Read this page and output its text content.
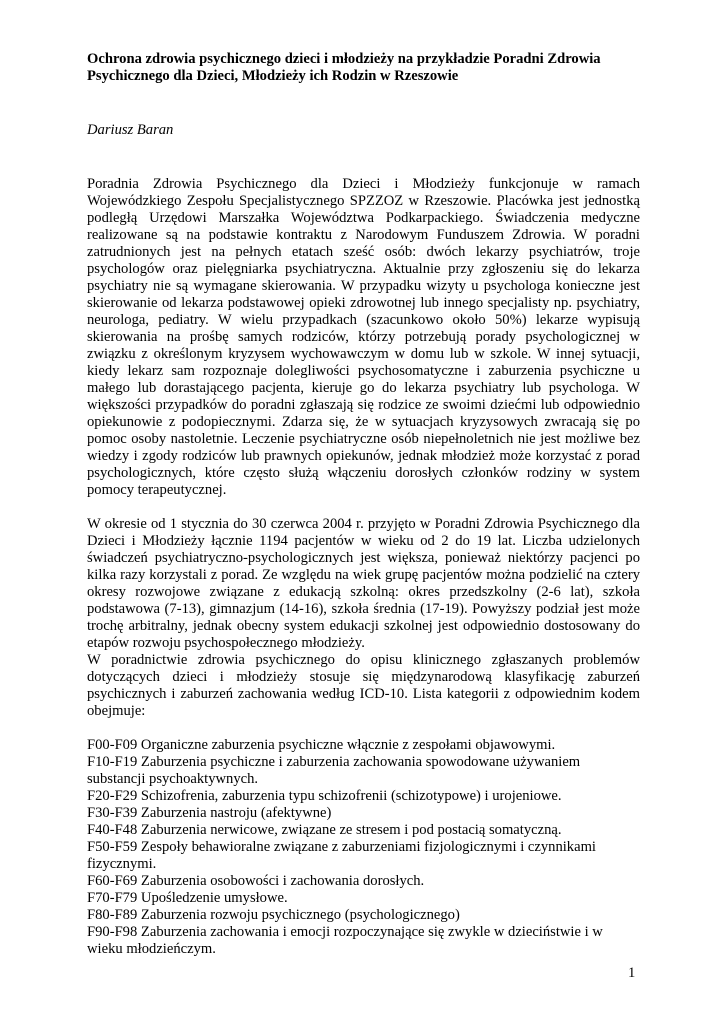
Ochrona zdrowia psychicznego dzieci i młodzieży na przykładzie Poradni Zdrowia Psychicznego dla Dzieci, Młodzieży ich Rodzin w Rzeszowie

Dariusz Baran

Poradnia Zdrowia Psychicznego dla Dzieci i Młodzieży funkcjonuje w ramach Wojewódzkiego Zespołu Specjalistycznego SPZZOZ w Rzeszowie. Placówka jest jednostką podległą Urzędowi Marszałka Województwa Podkarpackiego. Świadczenia medyczne realizowane są na podstawie kontraktu z Narodowym Funduszem Zdrowia. W poradni zatrudnionych jest na pełnych etatach sześć osób: dwóch lekarzy psychiatrów, troje psychologów oraz pielęgniarka psychiatryczna. Aktualnie przy zgłoszeniu się do lekarza psychiatry nie są wymagane skierowania. W przypadku wizyty u psychologa konieczne jest skierowanie od lekarza podstawowej opieki zdrowotnej lub innego specjalisty np. psychiatry, neurologa, pediatry. W wielu przypadkach (szacunkowo około 50%) lekarze wypisują skierowania na prośbę samych rodziców, którzy potrzebują porady psychologicznej w związku z określonym kryzysem wychowawczym w domu lub w szkole. W innej sytuacji, kiedy lekarz sam rozpoznaje dolegliwości psychosomatyczne i zaburzenia psychiczne u małego lub dorastającego pacjenta, kieruje go do lekarza psychiatry lub psychologa. W większości przypadków do poradni zgłaszają się rodzice ze swoimi dziećmi lub odpowiednio opiekunowie z podopiecznymi. Zdarza się, że w sytuacjach kryzysowych zwracają się po pomoc osoby nastoletnie. Leczenie psychiatryczne osób niepełnoletnich nie jest możliwe bez wiedzy i zgody rodziców lub prawnych opiekunów, jednak młodzież może korzystać z porad psychologicznych, które często służą włączeniu dorosłych członków rodziny w system pomocy terapeutycznej.

W okresie od 1 stycznia do 30 czerwca 2004 r. przyjęto w Poradni Zdrowia Psychicznego dla Dzieci i Młodzieży łącznie 1194 pacjentów w wieku od 2 do 19 lat. Liczba udzielonych świadczeń psychiatryczno-psychologicznych jest większa, ponieważ niektórzy pacjenci po kilka razy korzystali z porad. Ze względu na wiek grupę pacjentów można podzielić na cztery okresy rozwojowe związane z edukacją szkolną: okres przedszkolny (2-6 lat), szkoła podstawowa (7-13), gimnazjum (14-16), szkoła średnia (17-19). Powyższy podział jest może trochę arbitralny, jednak obecny system edukacji szkolnej jest odpowiednio dostosowany do etapów rozwoju psychospołecznego młodzieży.

W poradnictwie zdrowia psychicznego do opisu klinicznego zgłaszanych problemów dotyczących dzieci i młodzieży stosuje się międzynarodową klasyfikację zaburzeń psychicznych i zaburzeń zachowania według ICD-10. Lista kategorii z odpowiednim kodem obejmuje:

F00-F09 Organiczne zaburzenia psychiczne włącznie z zespołami objawowymi.
F10-F19 Zaburzenia psychiczne i zaburzenia zachowania spowodowane używaniem substancji psychoaktywnych.
F20-F29 Schizofrenia, zaburzenia typu schizofrenii (schizotypowe) i urojeniowe.
F30-F39 Zaburzenia nastroju (afektywne)
F40-F48 Zaburzenia nerwicowe, związane ze stresem i pod postacią somatyczną.
F50-F59 Zespoły behawioralne związane z zaburzeniami fizjologicznymi i czynnikami fizycznymi.
F60-F69 Zaburzenia osobowości i zachowania dorosłych.
F70-F79 Upośledzenie umysłowe.
F80-F89 Zaburzenia rozwoju psychicznego (psychologicznego)
F90-F98 Zaburzenia zachowania i emocji rozpoczynające się zwykle w dzieciństwie i w wieku młodzieńczym.
1
